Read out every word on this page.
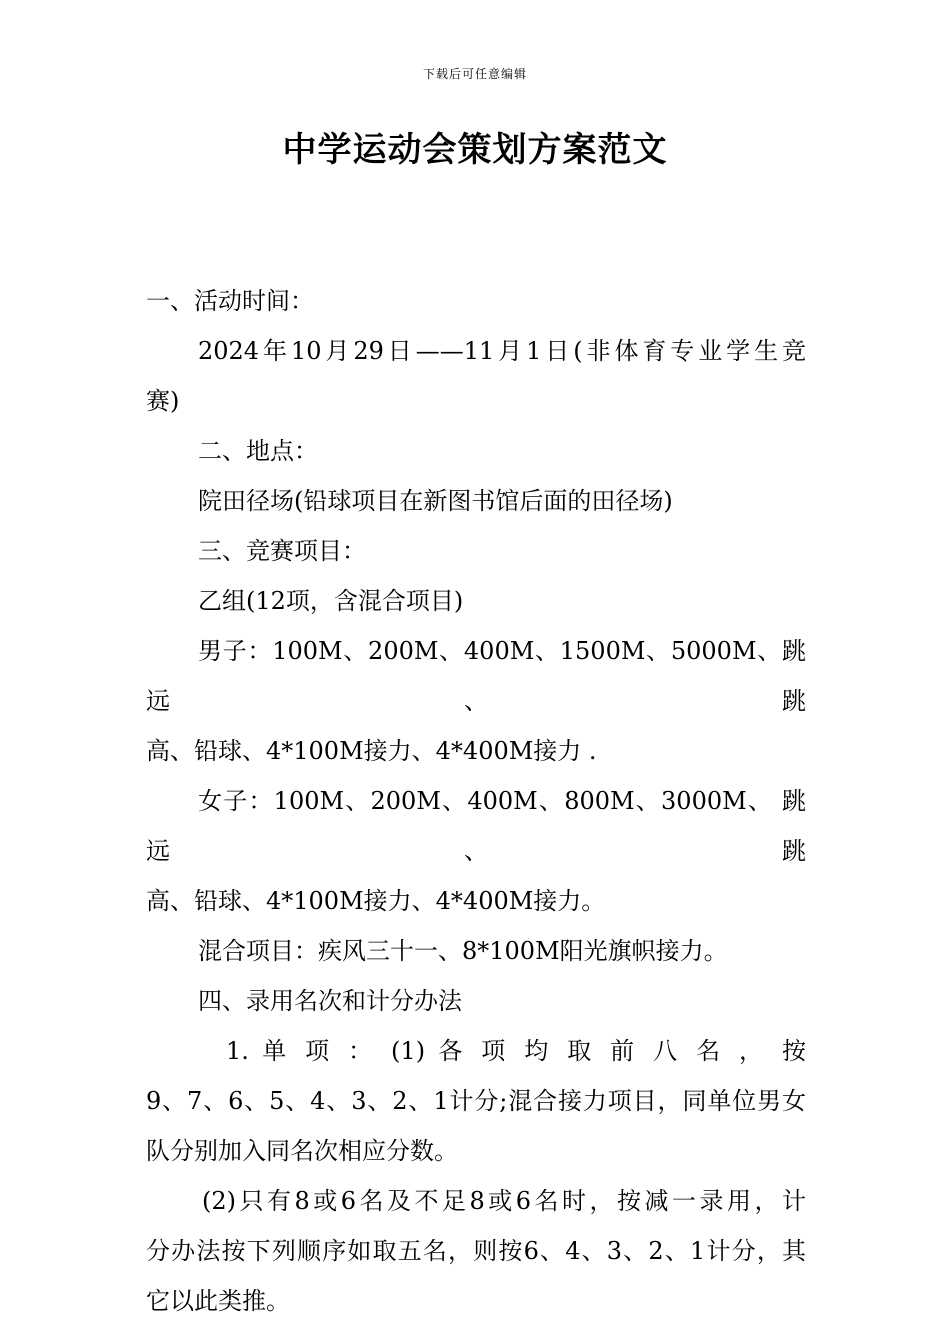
下载后可任意编辑
中学运动会策划方案范文

一、活动时间：

2024年10月29日——11月1日(非体育专业学生竞

赛)

二、地点：

院田径场(铅球项目在新图书馆后面的田径场)

三、竞赛项目：

乙组(12项，含混合项目)

男子：100M、200M、400M、1500M、5000M、跳远、跳

高、铅球、4*100M接力、4*400M接力 .

女子：100M、200M、400M、800M、3000M、 跳远、跳

高、铅球、4*100M接力、4*400M接力。

混合项目：疾风三十一、8*100M阳光旗帜接力。

四、录用名次和计分办法

1. 单 项 ： (1) 各 项 均 取 前 八 名 ， 按

9、7、6、5、4、3、2、1计分;混合接力项目，同单位男女

队分别加入同名次相应分数。

(2)只有8或6名及不足8或6名时，按减一录用，计

分办法按下列顺序如取五名，则按6、4、3、2、1计分，其

它以此类推。
